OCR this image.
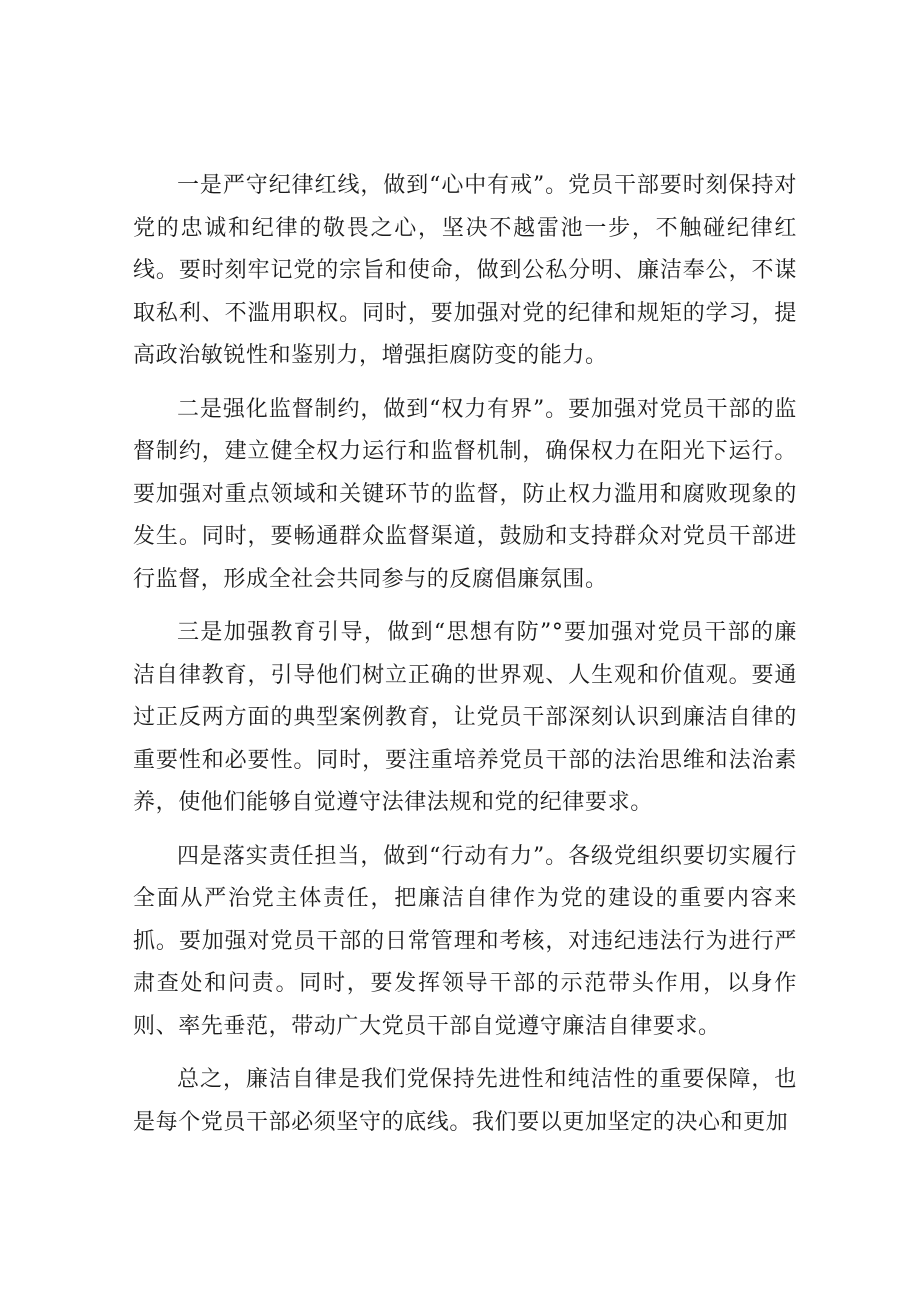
一是严守纪律红线，做到“心中有戒”。党员干部要时刻保持对党的忠诚和纪律的敬畏之心，坚决不越雷池一步，不触碰纪律红线。要时刻牢记党的宗旨和使命，做到公私分明、廉洁奉公，不谋取私利、不滥用职权。同时，要加强对党的纪律和规矩的学习，提高政治敏锐性和鉴别力，增强拒腐防变的能力。

二是强化监督制约，做到“权力有界”。要加强对党员干部的监督制约，建立健全权力运行和监督机制，确保权力在阳光下运行。要加强对重点领域和关键环节的监督，防止权力滥用和腐败现象的发生。同时，要畅通群众监督渠道，鼓励和支持群众对党员干部进行监督，形成全社会共同参与的反腐倡廉氛围。

三是加强教育引导，做到“思想有防”°要加强对党员干部的廉洁自律教育，引导他们树立正确的世界观、人生观和价值观。要通过正反两方面的典型案例教育，让党员干部深刻认识到廉洁自律的重要性和必要性。同时，要注重培养党员干部的法治思维和法治素养，使他们能够自觉遵守法律法规和党的纪律要求。

四是落实责任担当，做到“行动有力”。各级党组织要切实履行全面从严治党主体责任，把廉洁自律作为党的建设的重要内容来抓。要加强对党员干部的日常管理和考核，对违纪违法行为进行严肃查处和问责。同时，要发挥领导干部的示范带头作用，以身作则、率先垂范，带动广大党员干部自觉遵守廉洁自律要求。

总之，廉洁自律是我们党保持先进性和纯洁性的重要保障，也是每个党员干部必须坚守的底线。我们要以更加坚定的决心和更加
